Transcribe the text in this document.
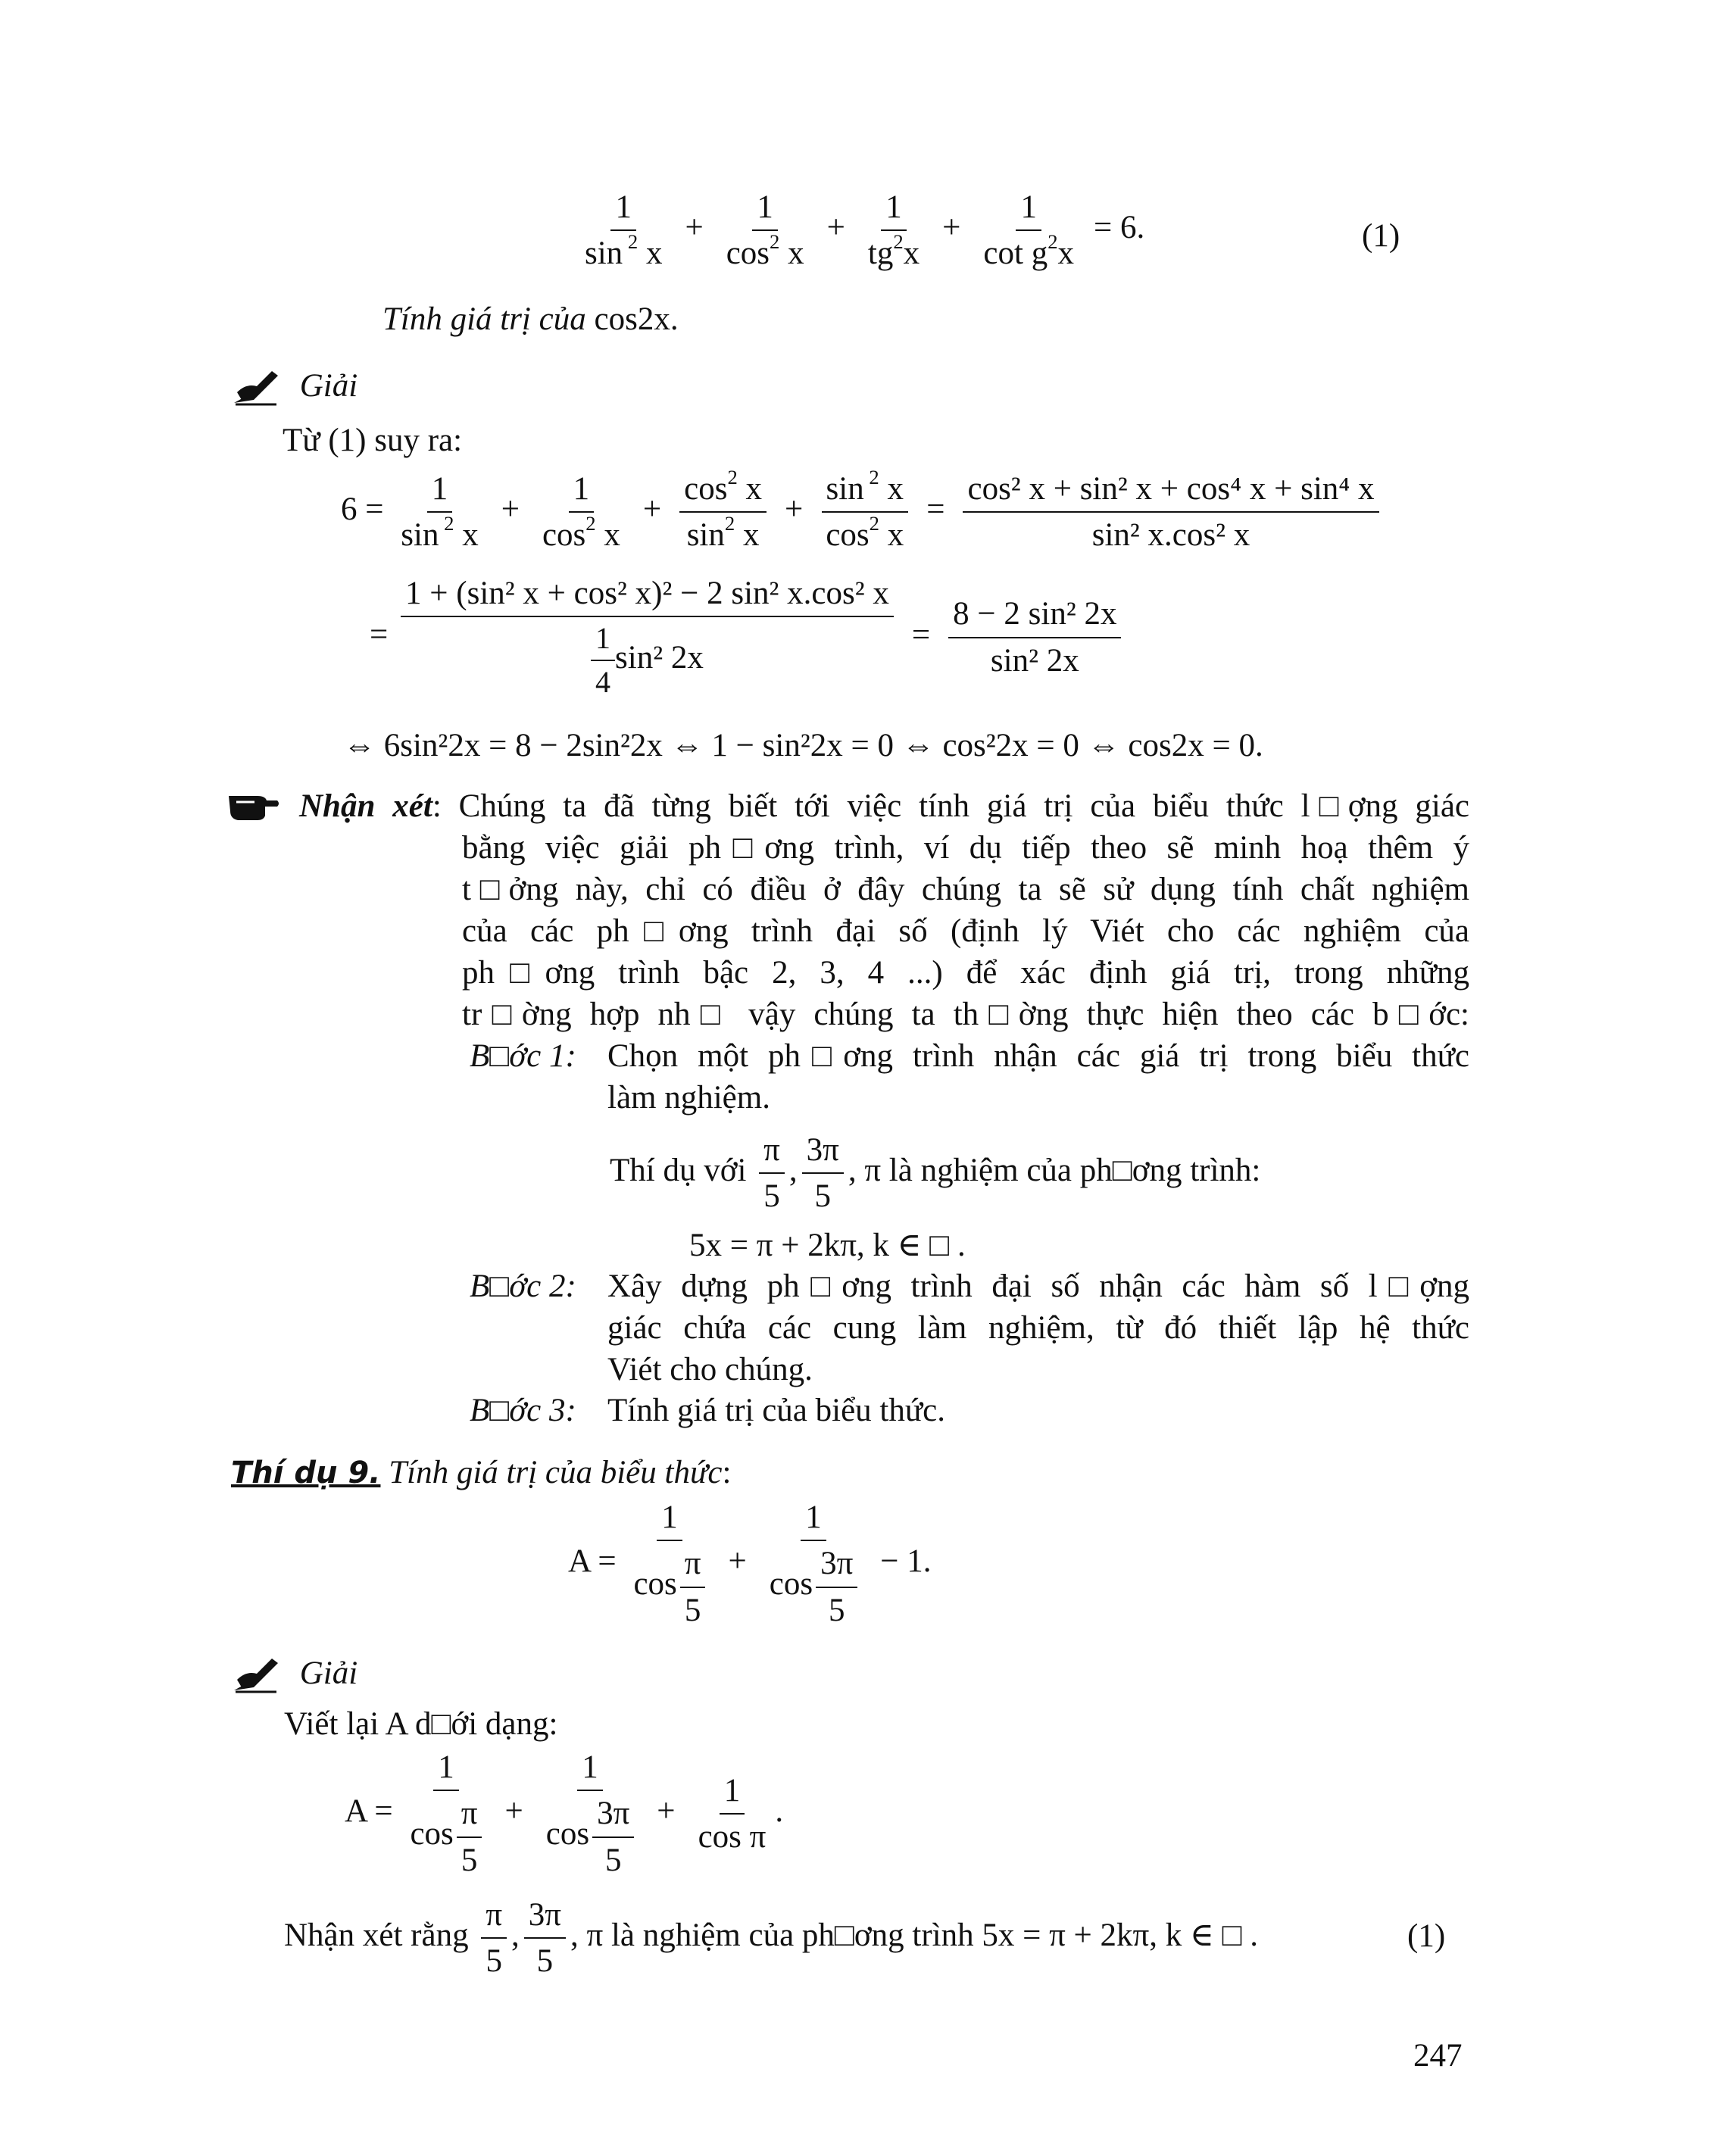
$\frac{1}{\sin ^2 x} + \frac{1}{\cos^2 x} + \frac{1}{tg^2x} + \frac{1}{\cot g^2x} = 6$.	(1)
Tính giá trị của cos2x.
Giải
Từ (1) suy ra:
$6 = \frac{1}{\sin ^2 x} + \frac{1}{\cos^2 x} + \frac{\cos^2 x}{\sin^2 x} + \frac{\sin ^2 x}{\cos^2 x} = \frac{\text{cos² x + sin² x + cos⁴ x + sin⁴ x}}{\text{sin² x.cos² x}}$
= $\frac{\text{1 + (sin² x + cos² x)² − 2 sin² x.cos² x}}{\frac{1}{4} \sin^2 2x} = \frac{\text{8 − 2 sin² 2x}}{\text{sin² 2x}}$
⇔ 6sin²2x = 8 − 2sin²2x ⇔ 1 − sin²2x = 0 ⇔ cos²2x = 0 ⇔ cos2x = 0.
Nhận xét: Chúng ta đã từng biết tới việc tính giá trị của biểu thức l□ợng giác
bằng việc giải ph□ơng trình, ví dụ tiếp theo sẽ minh hoạ thêm ý
t□ởng này, chỉ có điều ở đây chúng ta sẽ sử dụng tính chất nghiệm
của các ph□ơng trình đại số (định lý Viét cho các nghiệm của
ph□ơng trình bậc 2, 3, 4 ...) để xác định giá trị, trong những
tr□ờng hợp nh□ vậy chúng ta th□ờng thực hiện theo các b□ớc:
B□ớc 1: Chọn một ph□ơng trình nhận các giá trị trong biểu thức
làm nghiệm.
Thí dụ với $\frac{\pi}{5}$ , $\frac{3\pi}{5}$ , π là nghiệm của ph□ơng trình:
5x = π + 2kπ, k ∈ □ .
B□ớc 2: Xây dựng ph□ơng trình đại số nhận các hàm số l□ợng
giác chứa các cung làm nghiệm, từ đó thiết lập hệ thức
Viét cho chúng.
B□ớc 3: Tính giá trị của biểu thức.
Thí dụ 9. Tính giá trị của biểu thức:
$A = \frac{1}{\cos \frac{\pi}{5}} + \frac{1}{\cos \frac{3\pi}{5}} - 1$.
Giải
Viết lại A d□ới dạng:
$A = \frac{1}{\cos \frac{\pi}{5}} + \frac{1}{\cos \frac{3\pi}{5}} + \frac{1}{\text{cos π}}$ .
Nhận xét rằng $\frac{\pi}{5}$ , $\frac{3\pi}{5}$ , π là nghiệm của ph□ơng trình 5x = π + 2kπ, k ∈ □ .	(1)
247
